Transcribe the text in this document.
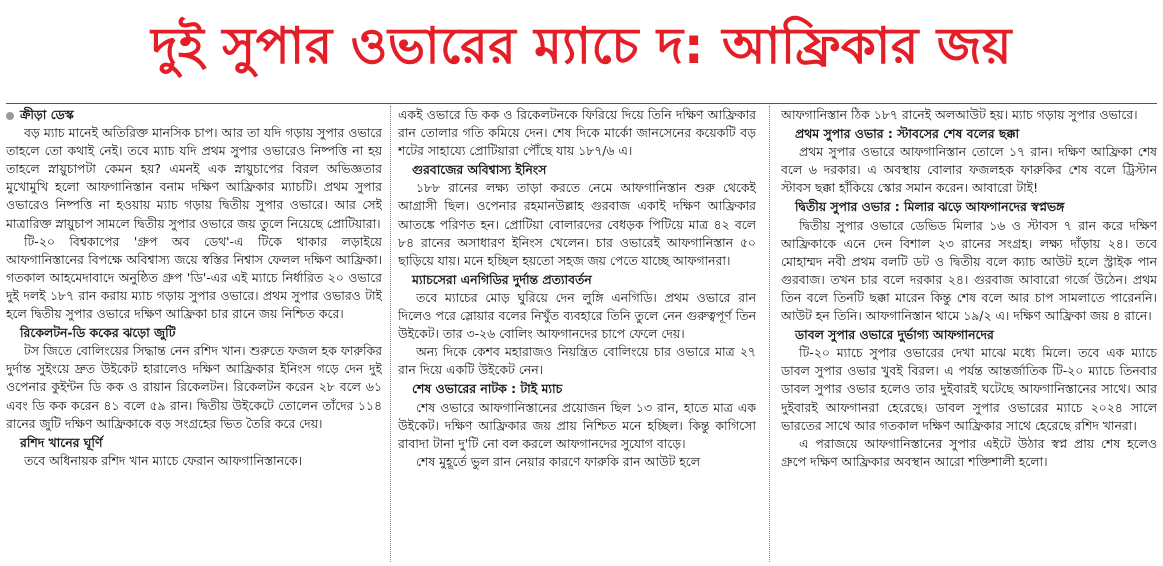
দুই সুপার ওভারের ম্যাচে দ: আফ্রিকার জয়

ক্রীড়া ডেস্ক

বড় ম্যাচ মানেই অতিরিক্ত মানসিক চাপ। আর তা যদি গড়ায় সুপার ওভারে তাহলে তো কথাই নেই। তবে ম্যাচ যদি প্রথম সুপার ওভারেও নিষ্পত্তি না হয় তাহলে স্নায়ুচাপটা কেমন হয়? এমনই এক স্নায়ুচাপের বিরল অভিজ্ঞতার মুখোমুখি হলো আফগানিস্তান বনাম দক্ষিণ আফ্রিকার ম্যাচটি। প্রথম সুপার ওভারেও নিষ্পত্তি না হওয়ায় ম্যাচ গড়ায় দ্বিতীয় সুপার ওভারে। আর সেই মাত্রারিক্ত স্নায়ুচাপ সামলে দ্বিতীয় সুপার ওভারে জয় তুলে নিয়েছে প্রোটিয়ারা।

টি-২০ বিশ্বকাপের 'গ্রুপ অব ডেথ'-এ টিকে থাকার লড়াইয়ে আফগানিস্তানের বিপক্ষে অবিশ্বাস্য জয়ে স্বস্তির নিশ্বাস ফেলল দক্ষিণ আফ্রিকা। গতকাল আহমেদাবাদে অনুষ্ঠিত গ্রুপ 'ডি'-এর এই ম্যাচে নির্ধারিত ২০ ওভারে দুই দলই ১৮৭ রান করায় ম্যাচ গড়ায় সুপার ওভারে। প্রথম সুপার ওভারও টাই হলে দ্বিতীয় সুপার ওভারে দক্ষিণ আফ্রিকা চার রানে জয় নিশ্চিত করে।

রিকেলটন-ডি ককের ঝড়ো জুটি

টস জিতে বোলিংয়ের সিদ্ধান্ত নেন রশিদ খান। শুরুতে ফজল হক ফারুকির দুর্দান্ত সুইংয়ে দ্রুত উইকেট হারালেও দক্ষিণ আফ্রিকার ইনিংস গড়ে দেন দুই ওপেনার কুইন্টন ডি কক ও রায়ান রিকেলটন। রিকেলটন করেন ২৮ বলে ৬১ এবং ডি কক করেন ৪১ বলে ৫৯ রান। দ্বিতীয় উইকেটে তোলেন তাঁদের ১১৪ রানের জুটি দক্ষিণ আফ্রিকাকে বড় সংগ্রহের ভিত তৈরি করে দেয়।

রশিদ খানের ঘূর্ণি

তবে অধিনায়ক রশিদ খান ম্যাচে ফেরান আফগানিস্তানকে।

একই ওভারে ডি কক ও রিকেলটনকে ফিরিয়ে দিয়ে তিনি দক্ষিণ আফ্রিকার রান তোলার গতি কমিয়ে দেন। শেষ দিকে মার্কো জানসেনের কয়েকটি বড় শটের সাহায্যে প্রোটিয়ারা পৌঁছে যায় ১৮৭/৬ এ।

গুরবাজের অবিশ্বাস্য ইনিংস

১৮৮ রানের লক্ষ্য তাড়া করতে নেমে আফগানিস্তান শুরু থেকেই আগ্রাসী ছিল। ওপেনার রহমানউল্লাহ গুরবাজ একাই দক্ষিণ আফ্রিকার আতঙ্কে পরিণত হন। প্রোটিয়া বোলারদের বেধড়ক পিটিয়ে মাত্র ৪২ বলে ৮৪ রানের অসাধারণ ইনিংস খেলেন। চার ওভারেই আফগানিস্তান ৫০ ছাড়িয়ে যায়। মনে হচ্ছিল হয়তো সহজ জয় পেতে যাচ্ছে আফগানরা।

ম্যাচসেরা এনগিডির দুর্দান্ত প্রত্যাবর্তন

তবে ম্যাচের মোড় ঘুরিয়ে দেন লুঙ্গি এনগিডি। প্রথম ওভারে রান দিলেও পরে স্লোয়ার বলের নিখুঁত ব্যবহারে তিনি তুলে নেন গুরুত্বপূর্ণ তিন উইকেট। তার ৩-২৬ বোলিং আফগানদের চাপে ফেলে দেয়।

অন্য দিকে কেশব মহারাজও নিয়ন্ত্রিত বোলিংয়ে চার ওভারে মাত্র ২৭ রান দিয়ে একটি উইকেট নেন।

শেষ ওভারের নাটক : টাই ম্যাচ

শেষ ওভারে আফগানিস্তানের প্রয়োজন ছিল ১৩ রান, হাতে মাত্র এক উইকেট। দক্ষিণ আফ্রিকার জয় প্রায় নিশ্চিত মনে হচ্ছিল। কিন্তু কাগিসো রাবাদা টানা দু'টি নো বল করলে আফগানদের সুযোগ বাড়ে।

শেষ মুহূর্তে ভুল রান নেয়ার কারণে ফারুকি রান আউট হলে

আফগানিস্তান ঠিক ১৮৭ রানেই অলআউট হয়। ম্যাচ গড়ায় সুপার ওভারে।

প্রথম সুপার ওভার : স্টাবসের শেষ বলের ছক্কা

প্রথম সুপার ওভারে আফগানিস্তান তোলে ১৭ রান। দক্ষিণ আফ্রিকা শেষ বলে ৬ দরকার। এ অবস্থায় বোলার ফজলহক ফারুকির শেষ বলে ট্রিস্টান স্টাবস ছক্কা হাঁকিয়ে স্কোর সমান করেন। আবারো টাই!

দ্বিতীয় সুপার ওভার : মিলার ঝড়ে আফগানদের স্বপ্নভঙ্গ

দ্বিতীয় সুপার ওভারে ডেভিড মিলার ১৬ ও স্টাবস ৭ রান করে দক্ষিণ আফ্রিকাকে এনে দেন বিশাল ২৩ রানের সংগ্রহ। লক্ষ্য দাঁড়ায় ২৪। তবে মোহাম্মদ নবী প্রথম বলটি ডট ও দ্বিতীয় বলে ক্যাচ আউট হলে স্ট্রাইক পান গুরবাজ। তখন চার বলে দরকার ২৪। গুরবাজ আবারো গর্জে উঠেন। প্রথম তিন বলে তিনটি ছক্কা মারেন কিন্তু শেষ বলে আর চাপ সামলাতে পারেননি। আউট হন তিনি। আফগানিস্তান থামে ১৯/২ এ। দক্ষিণ আফ্রিকা জয় ৪ রানে।

ডাবল সুপার ওভারে দুর্ভাগ্য আফগানদের

টি-২০ ম্যাচে সুপার ওভারের দেখা মাঝে মধ্যে মিলে। তবে এক ম্যাচে ডাবল সুপার ওভার খুবই বিরল। এ পর্যন্ত আন্তর্জাতিক টি-২০ ম্যাচে তিনবার ডাবল সুপার ওভার হলেও তার দুইবারই ঘটেছে আফগানিস্তানের সাথে। আর দুইবারই আফগানরা হেরেছে। ডাবল সুপার ওভারের ম্যাচে ২০২৪ সালে ভারতের সাথে আর গতকাল দক্ষিণ আফ্রিকার সাথে হেরেছে রশিদ খানরা।

এ পরাজয়ে আফগানিস্তানের সুপার এইটে উঠার স্বপ্ন প্রায় শেষ হলেও গ্রুপে দক্ষিণ আফ্রিকার অবস্থান আরো শক্তিশালী হলো।
